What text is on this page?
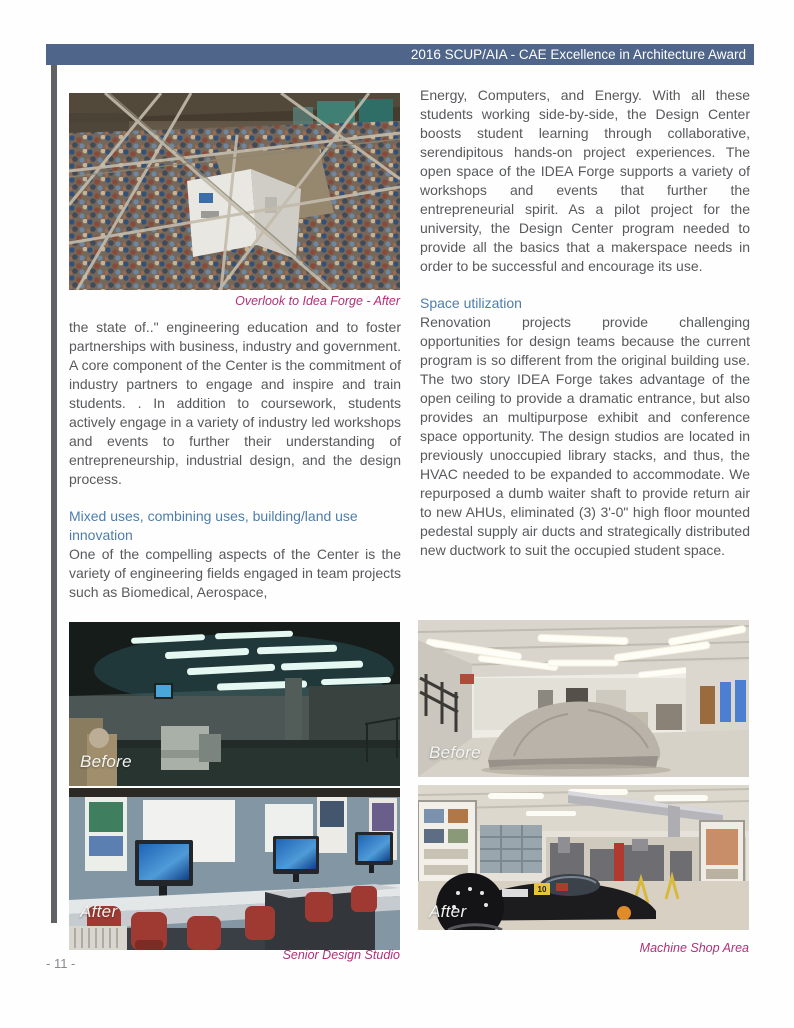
2016 SCUP/AIA - CAE Excellence in Architecture Award
Overlook to Idea Forge - After

Energy, Computers, and Energy. With all these students working side-by-side, the Design Center boosts student learning through collaborative, serendipitous hands-on project experiences. The open space of the IDEA Forge supports a variety of workshops and events that further the entrepreneurial spirit. As a pilot project for the university, the Design Center program needed to provide all the basics that a makerspace needs in order to be successful and encourage its use.

Space utilization

Renovation projects provide challenging opportunities for design teams because the current program is so different from the original building use. The two story IDEA Forge takes advantage of the open ceiling to provide a dramatic entrance, but also provides an multipurpose exhibit and conference space opportunity. The design studios are located in previously unoccupied library stacks, and thus, the HVAC needed to be expanded to accommodate. We repurposed a dumb waiter shaft to provide return air to new AHUs, eliminated (3) 3'-0" high floor mounted pedestal supply air ducts and strategically distributed new ductwork to suit the occupied student space.

the state of.." engineering education and to foster partnerships with business, industry and government. A core component of the Center is the commitment of industry partners to engage and inspire and train students. . In addition to coursework, students actively engage in a variety of industry led workshops and events to further their understanding of entrepreneurship, industrial design, and the design process.

Mixed uses, combining uses, building/land use innovation

One of the compelling aspects of the Center is the variety of engineering fields engaged in team projects such as Biomedical, Aerospace,

Before
After
Senior Design Studio
Before
10
After
Machine Shop Area
- 11 -
